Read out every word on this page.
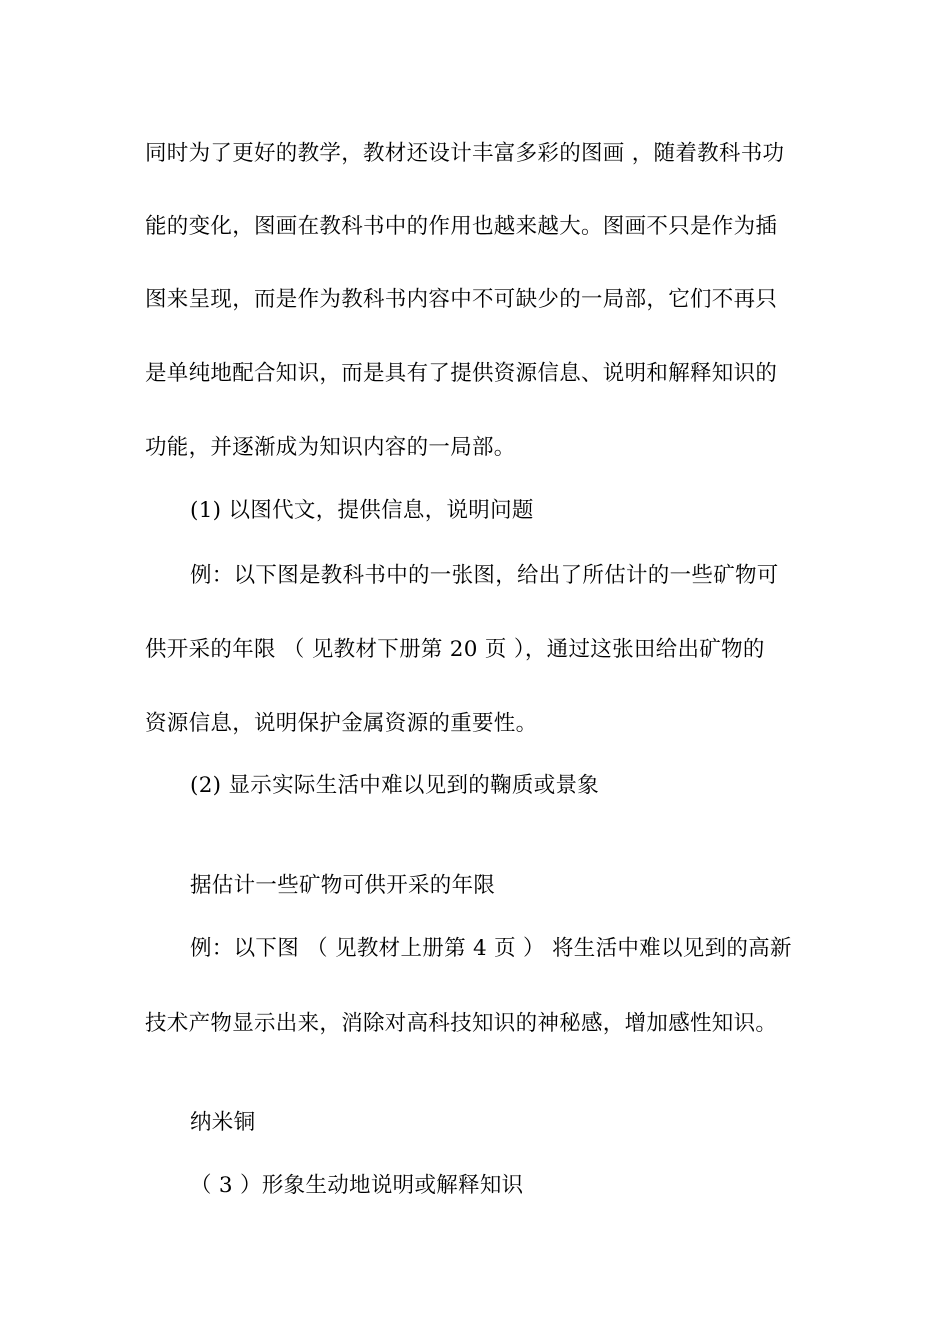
同时为了更好的教学，教材还设计丰富多彩的图画 ，随着教科书功
能的变化，图画在教科书中的作用也越来越大。图画不只是作为插
图来呈现，而是作为教科书内容中不可缺少的一局部，它们不再只
是单纯地配合知识，而是具有了提供资源信息、说明和解释知识的
功能，并逐渐成为知识内容的一局部。
(1) 以图代文，提供信息，说明问题
例：以下图是教科书中的一张图，给出了所估计的一些矿物可
供开采的年限 （ 见教材下册第 20 页 ），通过这张田给出矿物的
资源信息，说明保护金属资源的重要性。
(2) 显示实际生活中难以见到的鞠质或景象
据估计一些矿物可供开采的年限
例：以下图 （ 见教材上册第 4 页 ） 将生活中难以见到的高新
技术产物显示出来，消除对高科技知识的神秘感，增加感性知识。
纳米铜
（ 3 ）形象生动地说明或解释知识
